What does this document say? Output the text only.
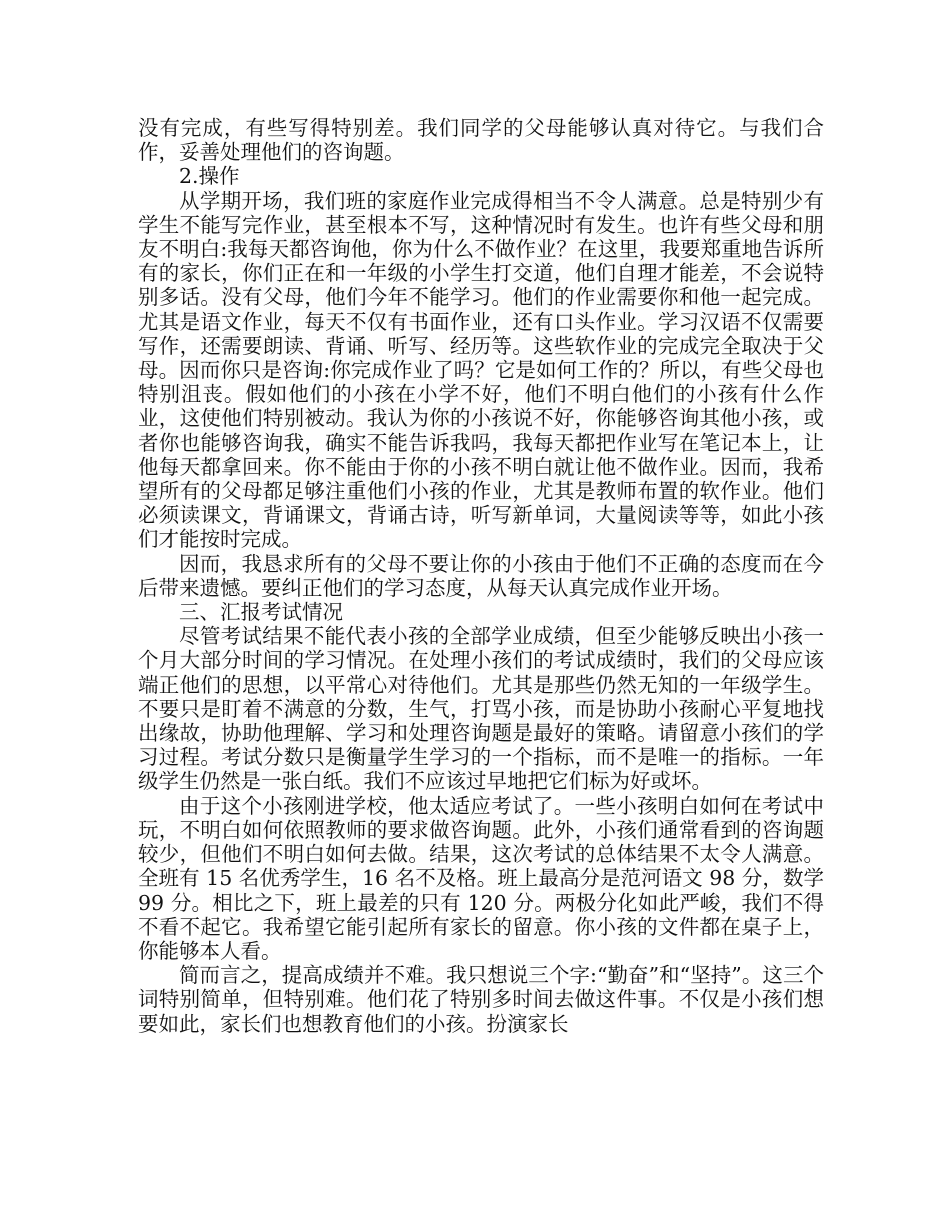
没有完成，有些写得特别差。我们同学的父母能够认真对待它。与我们合作，妥善处理他们的咨询题。

2.操作

从学期开场，我们班的家庭作业完成得相当不令人满意。总是特别少有学生不能写完作业，甚至根本不写，这种情况时有发生。也许有些父母和朋友不明白:我每天都咨询他，你为什么不做作业？在这里，我要郑重地告诉所有的家长，你们正在和一年级的小学生打交道，他们自理才能差，不会说特别多话。没有父母，他们今年不能学习。他们的作业需要你和他一起完成。尤其是语文作业，每天不仅有书面作业，还有口头作业。学习汉语不仅需要写作，还需要朗读、背诵、听写、经历等。这些软作业的完成完全取决于父母。因而你只是咨询:你完成作业了吗？它是如何工作的？所以，有些父母也特别沮丧。假如他们的小孩在小学不好，他们不明白他们的小孩有什么作业，这使他们特别被动。我认为你的小孩说不好，你能够咨询其他小孩，或者你也能够咨询我，确实不能告诉我吗，我每天都把作业写在笔记本上，让他每天都拿回来。你不能由于你的小孩不明白就让他不做作业。因而，我希望所有的父母都足够注重他们小孩的作业，尤其是教师布置的软作业。他们必须读课文，背诵课文，背诵古诗，听写新单词，大量阅读等等，如此小孩们才能按时完成。

因而，我恳求所有的父母不要让你的小孩由于他们不正确的态度而在今后带来遗憾。要纠正他们的学习态度，从每天认真完成作业开场。

三、汇报考试情况

尽管考试结果不能代表小孩的全部学业成绩，但至少能够反映出小孩一个月大部分时间的学习情况。在处理小孩们的考试成绩时，我们的父母应该端正他们的思想，以平常心对待他们。尤其是那些仍然无知的一年级学生。不要只是盯着不满意的分数，生气，打骂小孩，而是协助小孩耐心平复地找出缘故，协助他理解、学习和处理咨询题是最好的策略。请留意小孩们的学习过程。考试分数只是衡量学生学习的一个指标，而不是唯一的指标。一年级学生仍然是一张白纸。我们不应该过早地把它们标为好或坏。

由于这个小孩刚进学校，他太适应考试了。一些小孩明白如何在考试中玩，不明白如何依照教师的要求做咨询题。此外，小孩们通常看到的咨询题较少，但他们不明白如何去做。结果，这次考试的总体结果不太令人满意。全班有 15 名优秀学生，16 名不及格。班上最高分是范河语文 98 分，数学 99 分。相比之下，班上最差的只有 120 分。两极分化如此严峻，我们不得不看不起它。我希望它能引起所有家长的留意。你小孩的文件都在桌子上，你能够本人看。

简而言之，提高成绩并不难。我只想说三个字:“勤奋”和“坚持”。这三个词特别简单，但特别难。他们花了特别多时间去做这件事。不仅是小孩们想要如此，家长们也想教育他们的小孩。扮演家长
